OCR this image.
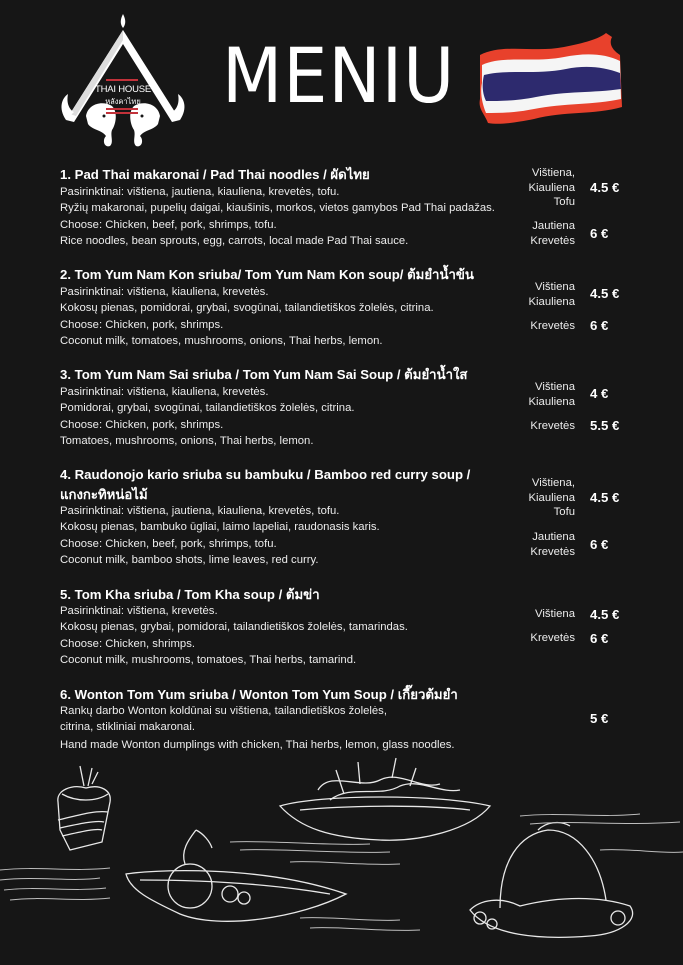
THAI HOUSE
หลังคาไทย	MENIU
1. Pad Thai makaronai / Pad Thai noodles / ผัดไทย
Pasirinktinai: vištiena, jautiena, kiauliena, krevetės, tofu.
Ryžių makaronai, pupelių daigai, kiaušinis, morkos, vietos gamybos Pad Thai padažas.
Choose: Chicken, beef, pork, shrimps, tofu.
Rice noodles, bean sprouts, egg, carrots, local made Pad Thai sauce.
Vištiena,
Kiauliena
Tofu
4.5 €
Jautiena
Krevetės 6 €
2. Tom Yum Nam Kon sriuba/ Tom Yum Nam Kon soup/ ต้มยำน้ำข้น
Pasirinktinai: vištiena, kiauliena, krevetės.
Kokosų pienas, pomidorai, grybai, svogūnai, tailandietiškos žolelės, citrina.
Choose: Chicken, pork, shrimps.
Coconut milk, tomatoes, mushrooms, onions, Thai herbs, lemon.
Vištiena
Kiauliena
4.5 €
Krevetės 6 €
3. Tom Yum Nam Sai sriuba / Tom Yum Nam Sai Soup / ต้มยำน้ำใส
Pasirinktinai: vištiena, kiauliena, krevetės.
Pomidorai, grybai, svogūnai, tailandietiškos žolelės, citrina.
Choose: Chicken, pork, shrimps.
Tomatoes, mushrooms, onions, Thai herbs, lemon.
Vištiena
Kiauliena
4 €
Krevetės 5.5 €
4. Raudonojo kario sriuba su bambuku / Bamboo red curry soup /
แกงกะทิหน่อไม้
Pasirinktinai: vištiena, jautiena, kiauliena, krevetės, tofu.
Kokosų pienas, bambuko ūgliai, laimo lapeliai, raudonasis karis.
Choose: Chicken, beef, pork, shrimps, tofu.
Coconut milk, bamboo shots, lime leaves, red curry.
Vištiena,
Kiauliena
Tofu
4.5 €
Jautiena
Krevetės 6 €
5. Tom Kha sriuba / Tom Kha soup / ต้มข่า
Pasirinktinai: vištiena, krevetės.
Kokosų pienas, grybai, pomidorai, tailandietiškos žolelės, tamarindas.
Choose: Chicken, shrimps.
Coconut milk, mushrooms, tomatoes, Thai herbs, tamarind.
Vištiena 4.5 €
Krevetės 6 €
6. Wonton Tom Yum sriuba / Wonton Tom Yum Soup / เกี๊ยวต้มยำ
Rankų darbo Wonton koldūnai su vištiena, tailandietiškos žolelės,
citrina, stikliniai makaronai.
Hand made Wonton dumplings with chicken, Thai herbs, lemon, glass noodles.
5 €
